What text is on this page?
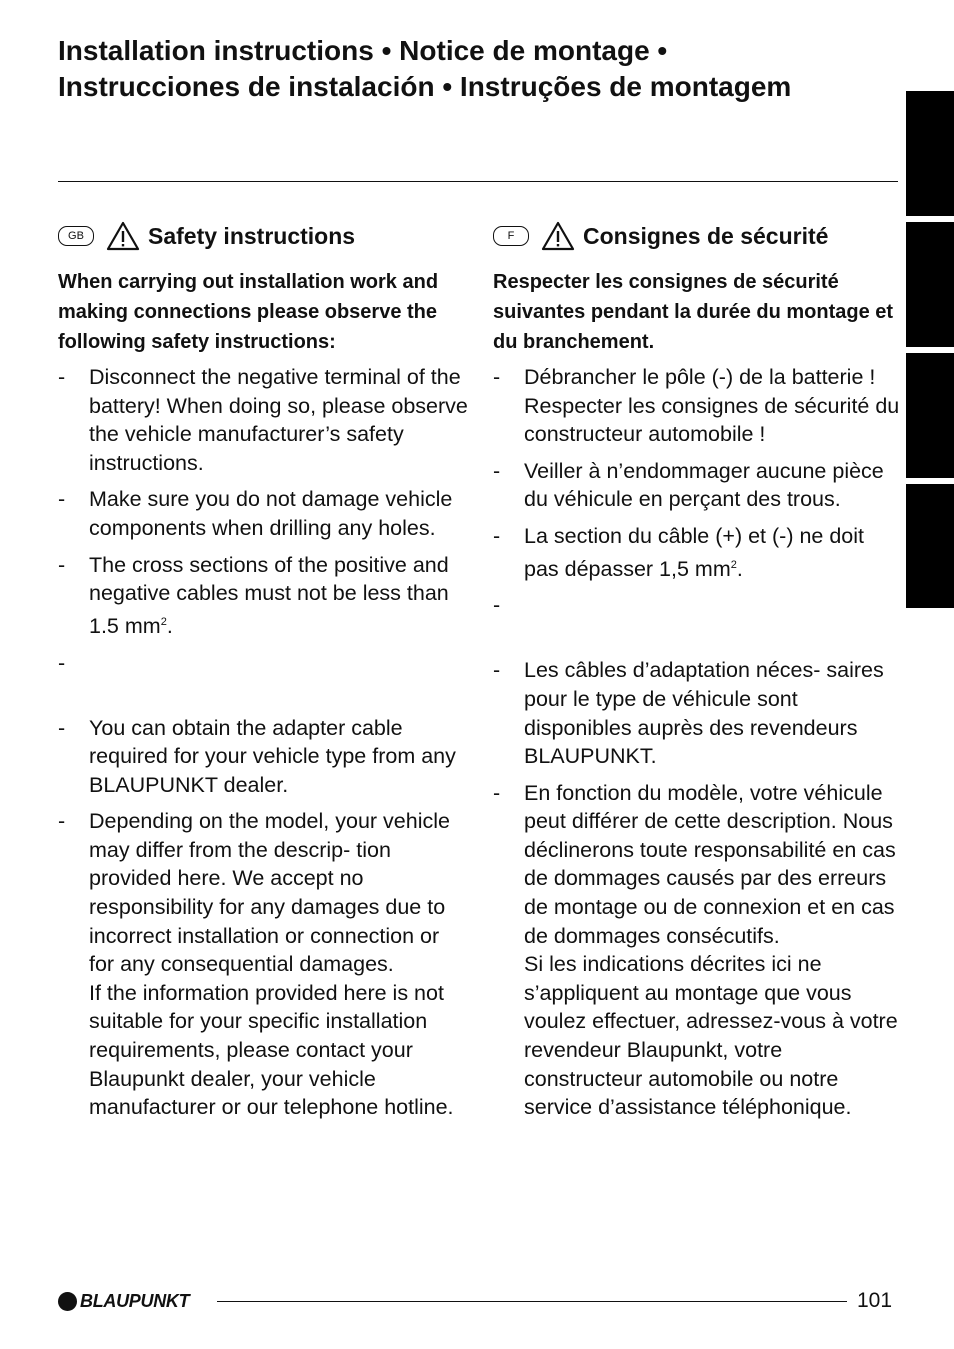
Installation instructions • Notice de montage •
Instrucciones de instalación • Instruções de montagem
GB	Safety instructions

When carrying out installation work and making connections please observe the following safety instructions:

- Disconnect the negative terminal of the battery! When doing so, please observe the vehicle manufacturer’s safety instructions.
- Make sure you do not damage vehicle components when drilling any holes.
- The cross sections of the positive and negative cables must not be less than 1.5 $mm^2$.
-
- You can obtain the adapter cable required for your vehicle type from any BLAUPUNKT dealer.
- Depending on the model, your vehicle may differ from the descrip- tion provided here. We accept no responsibility for any damages due to incorrect installation or connection or for any consequential damages.
If the information provided here is not suitable for your specific installation requirements, please contact your Blaupunkt dealer, your vehicle manufacturer or our telephone hotline.
F	Consignes de sécurité

Respecter les consignes de sécurité suivantes pendant la durée du montage et du branchement.

- Débrancher le pôle (-) de la batterie ! Respecter les consignes de sécurité du constructeur automobile !
- Veiller à n’endommager aucune pièce du véhicule en perçant des trous.
- La section du câble (+) et (-) ne doit pas dépasser 1,5 $mm^2$.
-
- Les câbles d’adaptation néces- saires pour le type de véhicule sont disponibles auprès des revendeurs BLAUPUNKT.
- En fonction du modèle, votre véhicule peut différer de cette description. Nous déclinerons toute responsabilité en cas de dommages causés par des erreurs de montage ou de connexion et en cas de dommages consécutifs.
Si les indications décrites ici ne s’appliquent au montage que vous voulez effectuer, adressez-vous à votre revendeur Blaupunkt, votre constructeur automobile ou notre service d’assistance téléphonique.
BLAUPUNKT	101
